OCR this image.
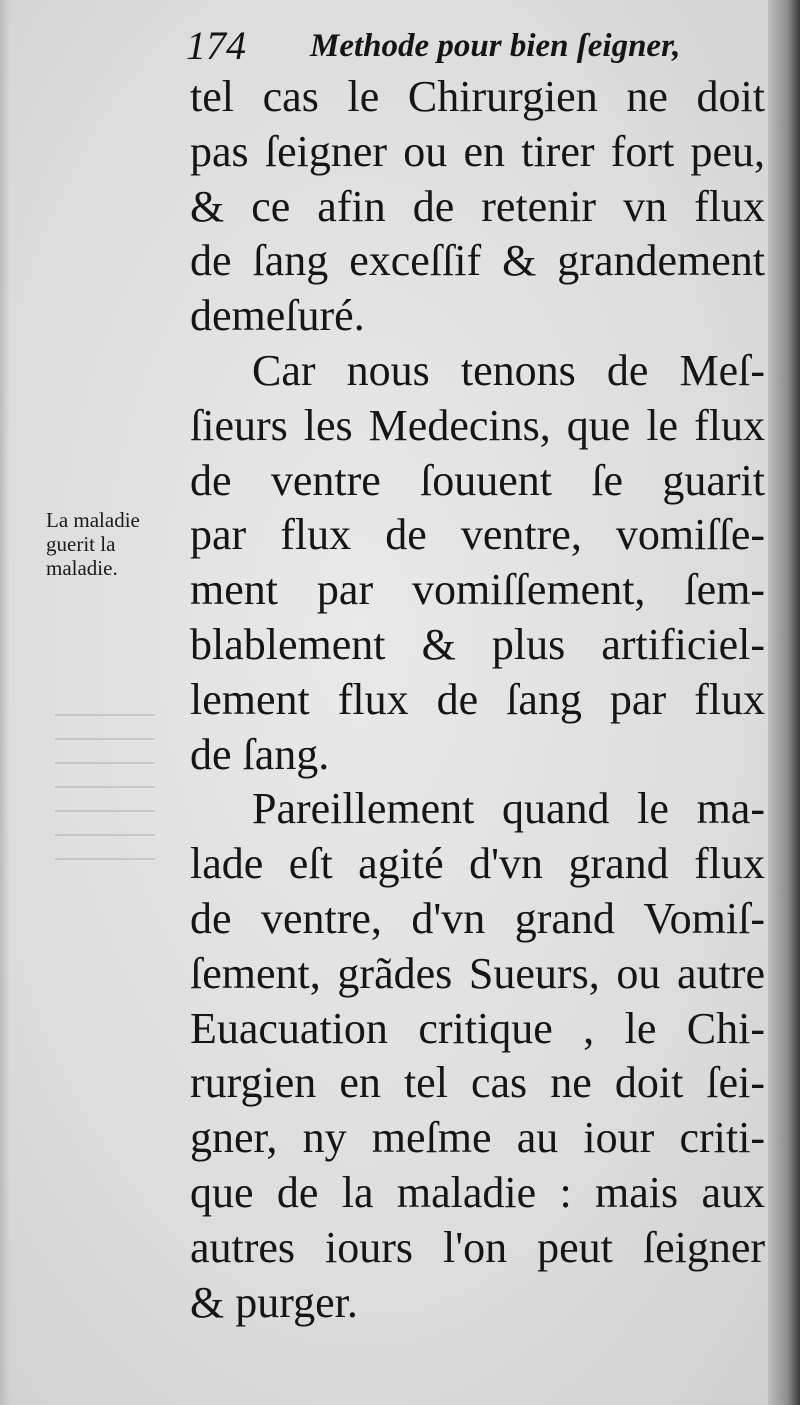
174 Methode pour bien ſeigner,
La maladie
guerit la
maladie.
tel cas le Chirurgien ne doit
pas ſeigner ou en tirer fort peu,
& ce afin de retenir vn flux
de ſang exceſſif & grandement
demeſuré.
Car nous tenons de Meſ-
ſieurs les Medecins, que le flux
de ventre ſouuent ſe guarit
par flux de ventre, vomiſſe-
ment par vomiſſement, ſem-
blablement & plus artificiel-
lement flux de ſang par flux
de ſang.
Pareillement quand le ma-
lade eſt agité d'vn grand flux
de ventre, d'vn grand Vomiſ-
ſement, grãdes Sueurs, ou autre
Euacuation critique , le Chi-
rurgien en tel cas ne doit ſei-
gner, ny meſme au iour criti-
que de la maladie : mais aux
autres iours l'on peut ſeigner
& purger.
